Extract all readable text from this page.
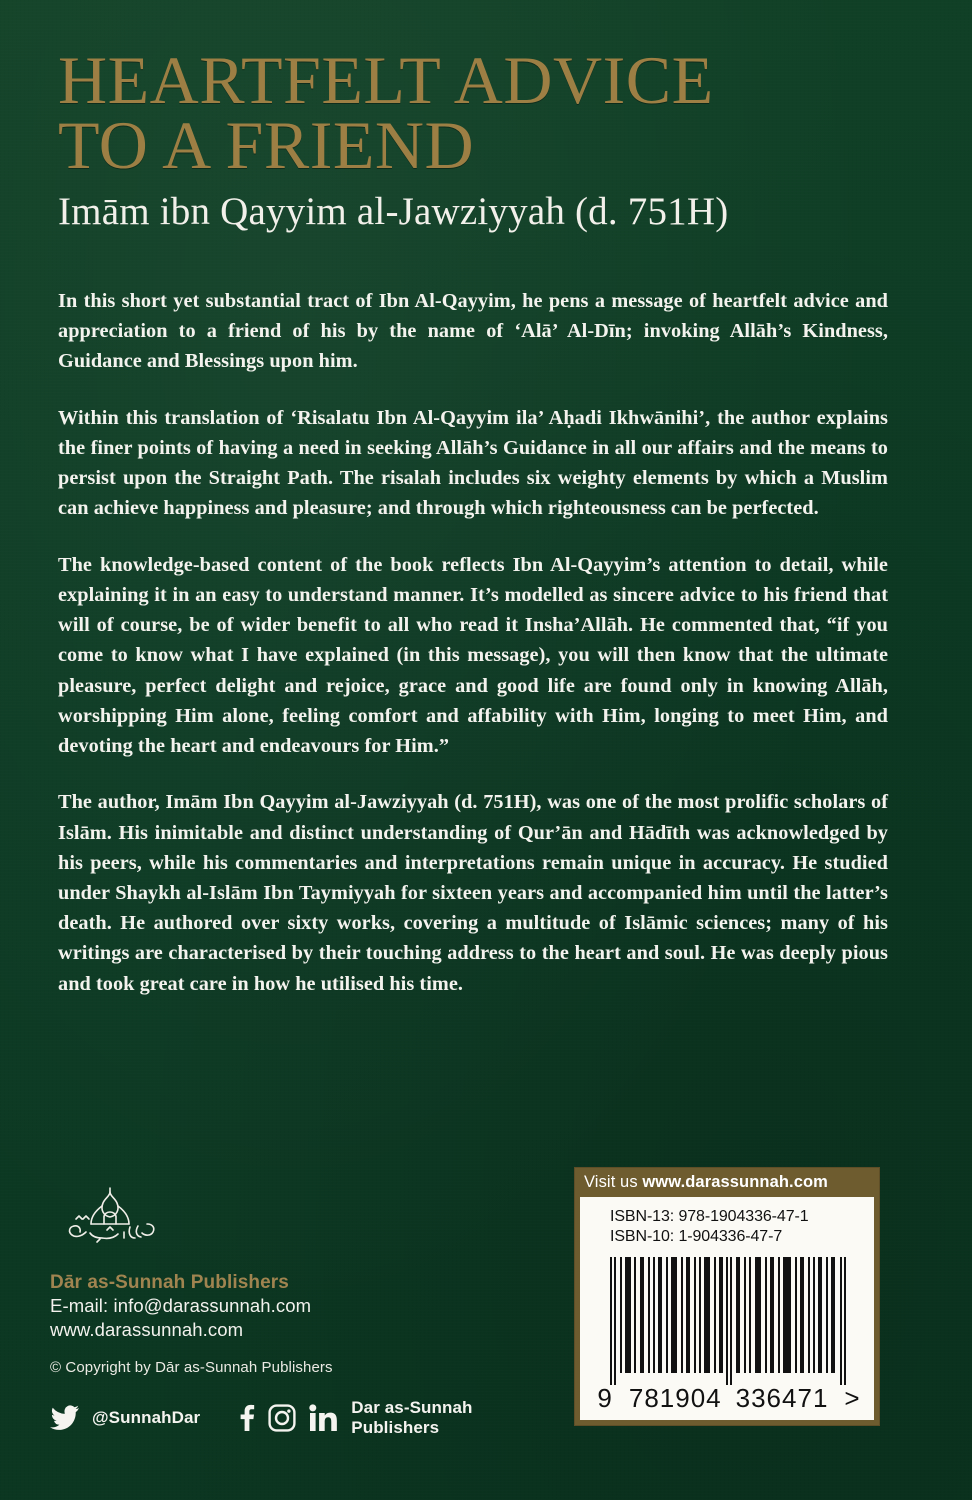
HEARTFELT ADVICE
TO A FRIEND
Imām ibn Qayyim al-Jawziyyah (d. 751H)

In this short yet substantial tract of Ibn Al-Qayyim, he pens a message of heartfelt advice and appreciation to a friend of his by the name of ‘Alā’ Al-Dīn; invoking Allāh’s Kindness, Guidance and Blessings upon him.

Within this translation of ‘Risalatu Ibn Al-Qayyim ila’ Aḥadi Ikhwānihi’, the author explains the finer points of having a need in seeking Allāh’s Guidance in all our affairs and the means to persist upon the Straight Path. The risalah includes six weighty elements by which a Muslim can achieve happiness and pleasure; and through which righteousness can be perfected.

The knowledge-based content of the book reflects Ibn Al-Qayyim’s attention to detail, while explaining it in an easy to understand manner. It’s modelled as sincere advice to his friend that will of course, be of wider benefit to all who read it Insha’Allāh. He commented that, “if you come to know what I have explained (in this message), you will then know that the ultimate pleasure, perfect delight and rejoice, grace and good life are found only in knowing Allāh, worshipping Him alone, feeling comfort and affability with Him, longing to meet Him, and devoting the heart and endeavours for Him.”

The author, Imām Ibn Qayyim al-Jawziyyah (d. 751H), was one of the most prolific scholars of Islām. His inimitable and distinct understanding of Qur’ān and Hādīth was acknowledged by his peers, while his commentaries and interpretations remain unique in accuracy. He studied under Shaykh al-Islām Ibn Taymiyyah for sixteen years and accompanied him until the latter’s death. He authored over sixty works, covering a multitude of Islāmic sciences; many of his writings are characterised by their touching address to the heart and soul. He was deeply pious and took great care in how he utilised his time.

Dār as-Sunnah Publishers
E-mail: info@darassunnah.com
www.darassunnah.com
© Copyright by Dār as-Sunnah Publishers
@SunnahDar
Dar as-Sunnah Publishers
Visit us www.darassunnah.com
ISBN-13: 978-1904336-47-1
ISBN-10: 1-904336-47-7
9 781904 336471 >
